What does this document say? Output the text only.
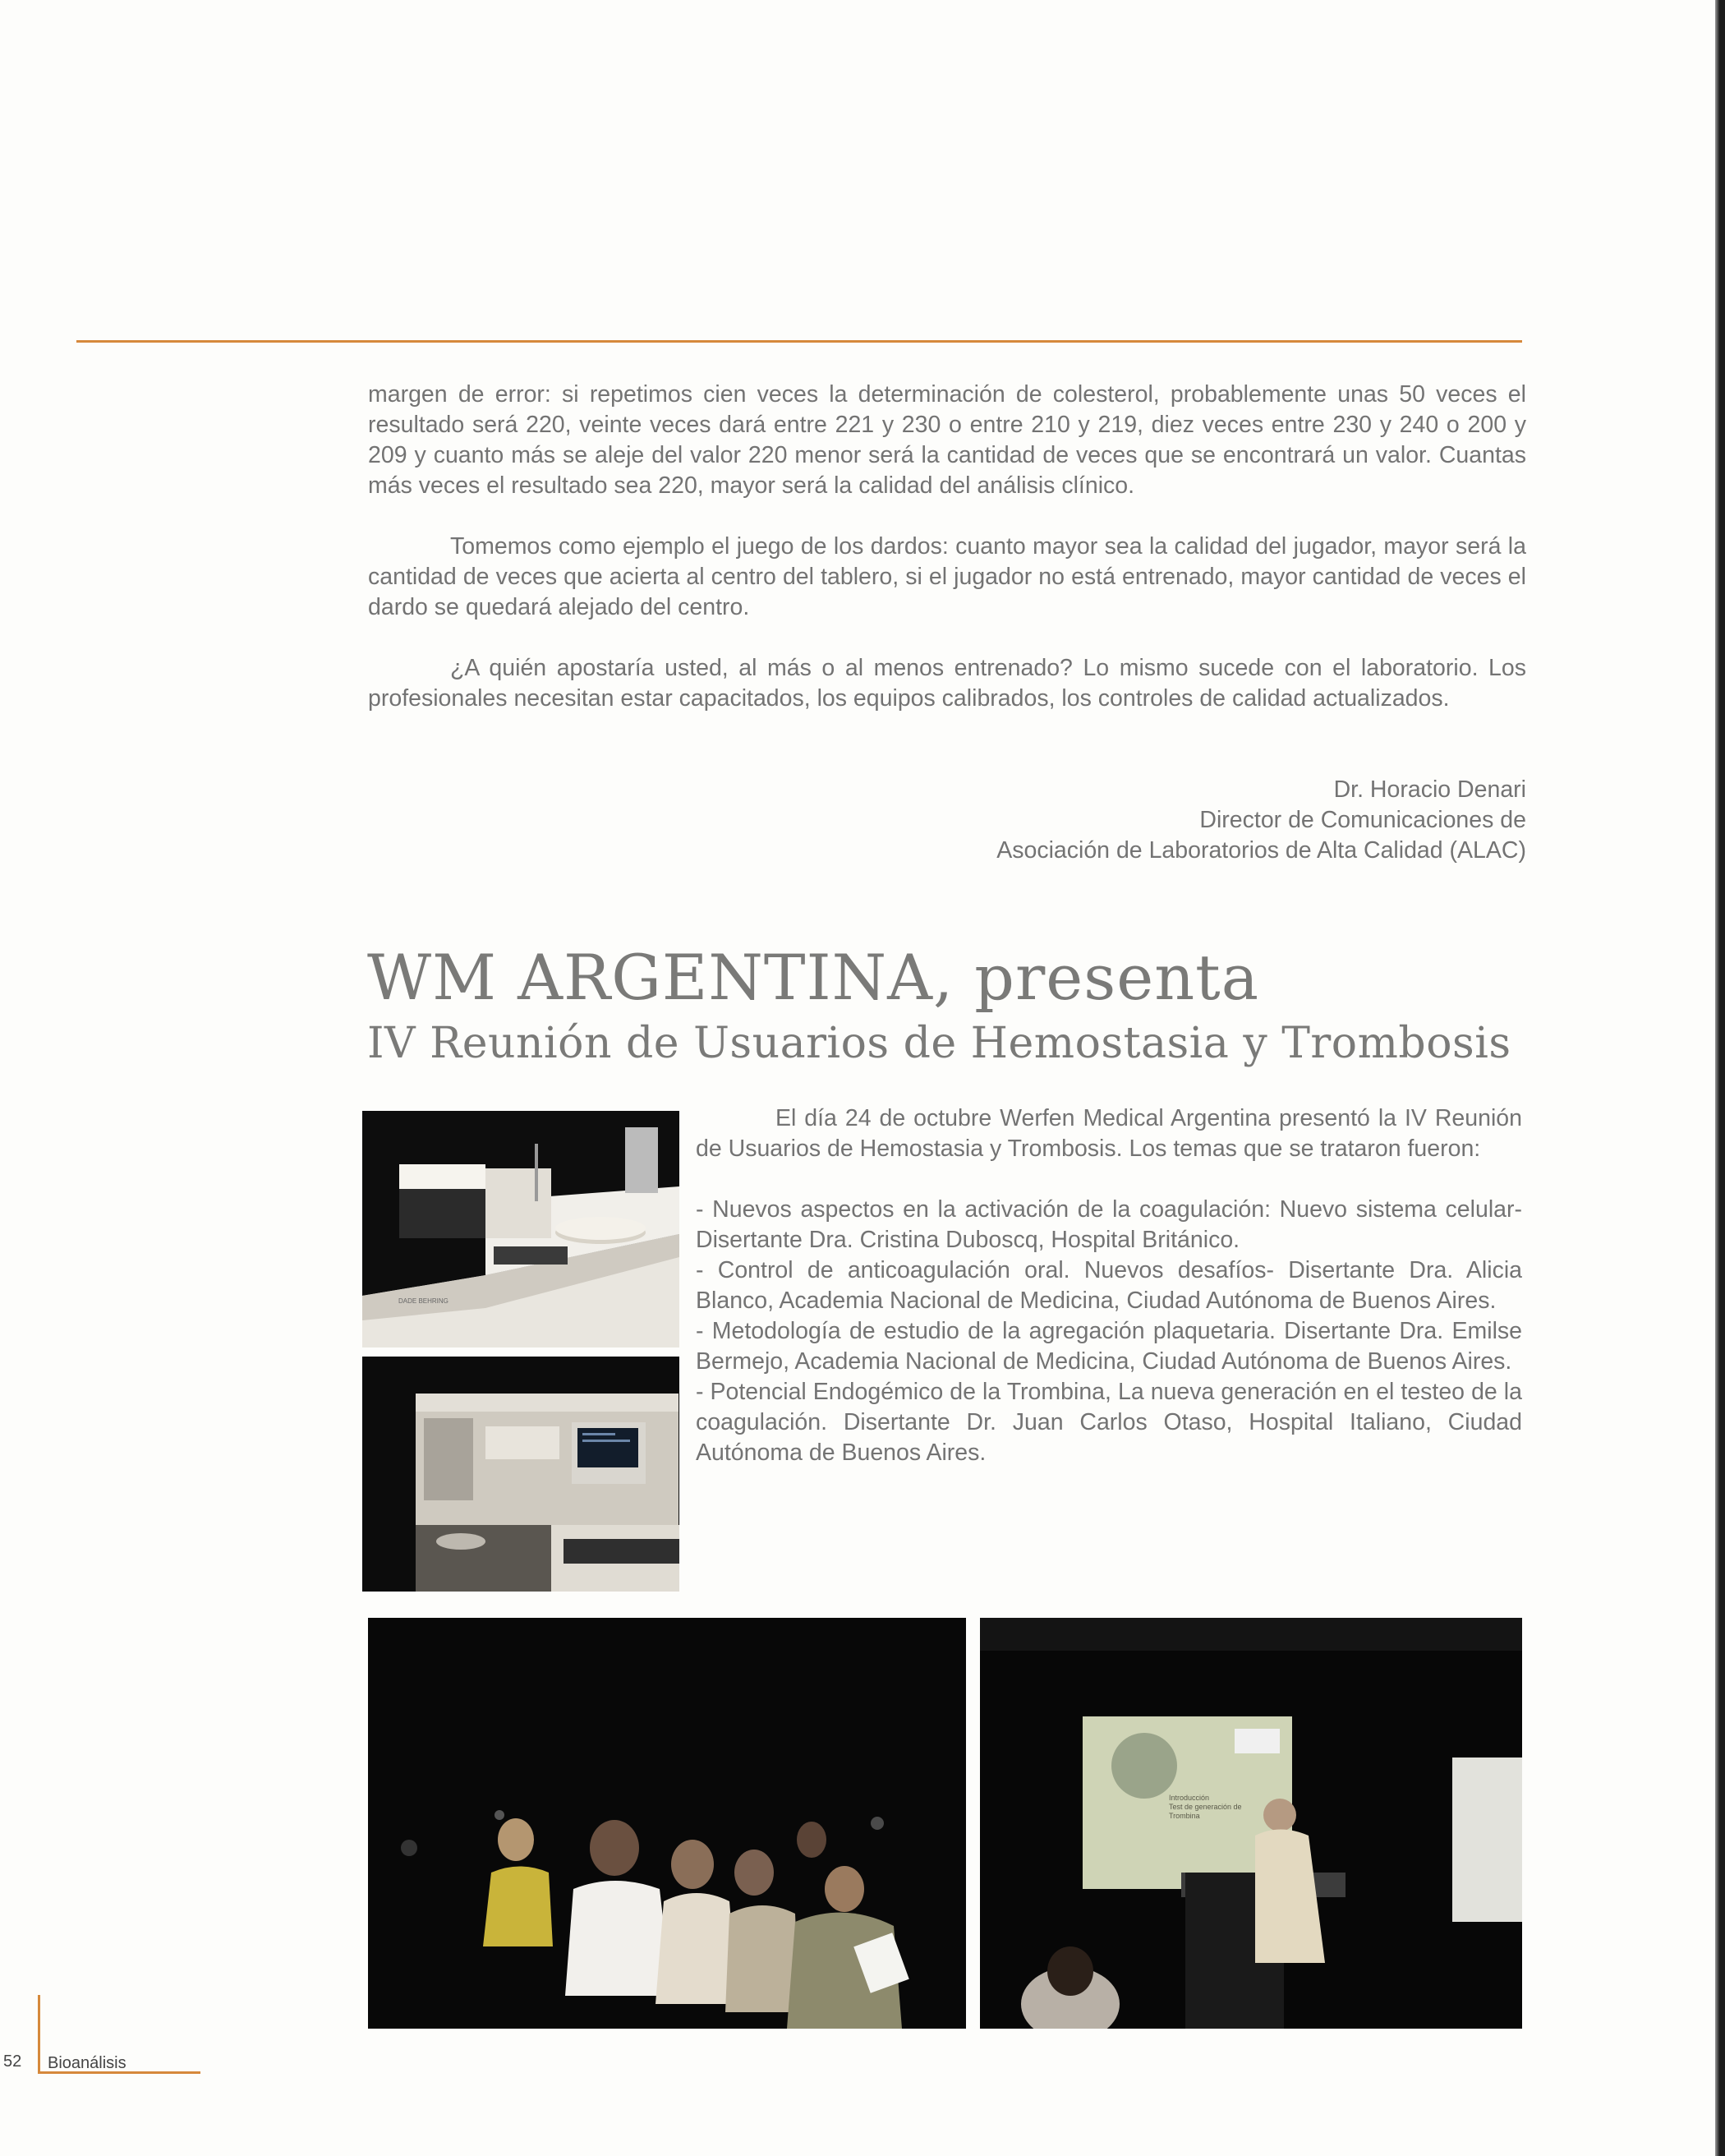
margen de error: si repetimos cien veces la determinación de colesterol, probablemente unas 50 veces el resultado será 220, veinte veces dará entre 221 y 230 o entre 210 y 219, diez veces entre 230 y 240 o 200 y 209 y cuanto más se aleje del valor 220 menor será la cantidad de veces que se encontrará un valor. Cuantas más veces el resultado sea 220, mayor será la calidad del análisis clínico.

Tomemos como ejemplo el juego de los dardos: cuanto mayor sea la calidad del jugador, mayor será la cantidad de veces que acierta al centro del tablero, si el jugador no está entrenado, mayor cantidad de veces el dardo se quedará alejado del centro.

¿A quién apostaría usted, al más o al menos entrenado? Lo mismo sucede con el laboratorio. Los profesionales necesitan estar capacitados, los equipos calibrados, los controles de calidad actualizados.

Dr. Horacio Denari
Director de Comunicaciones de
Asociación de Laboratorios de Alta Calidad (ALAC)
WM ARGENTINA, presenta
IV Reunión de Usuarios de Hemostasia y Trombosis
DADE BEHRING

El día 24 de octubre Werfen Medical Argentina presentó la IV Reunión de Usuarios de Hemostasia y Trombosis. Los temas que se trataron fueron:

- Nuevos aspectos en la activación de la coagulación: Nuevo sistema celular- Disertante Dra. Cristina Duboscq, Hospital Británico.

- Control de anticoagulación oral. Nuevos desafíos- Disertante Dra. Alicia Blanco, Academia Nacional de Medicina, Ciudad Autónoma de Buenos Aires.

- Metodología de estudio de la agregación plaquetaria. Disertante Dra. Emilse Bermejo, Academia Nacional de Medicina, Ciudad Autónoma de Buenos Aires.

- Potencial Endogémico de la Trombina, La nueva generación en el testeo de la coagulación. Disertante Dr. Juan Carlos Otaso, Hospital Italiano, Ciudad Autónoma de Buenos Aires.

Introducción
Test de generación de
Trombina
52 Bioanálisis
